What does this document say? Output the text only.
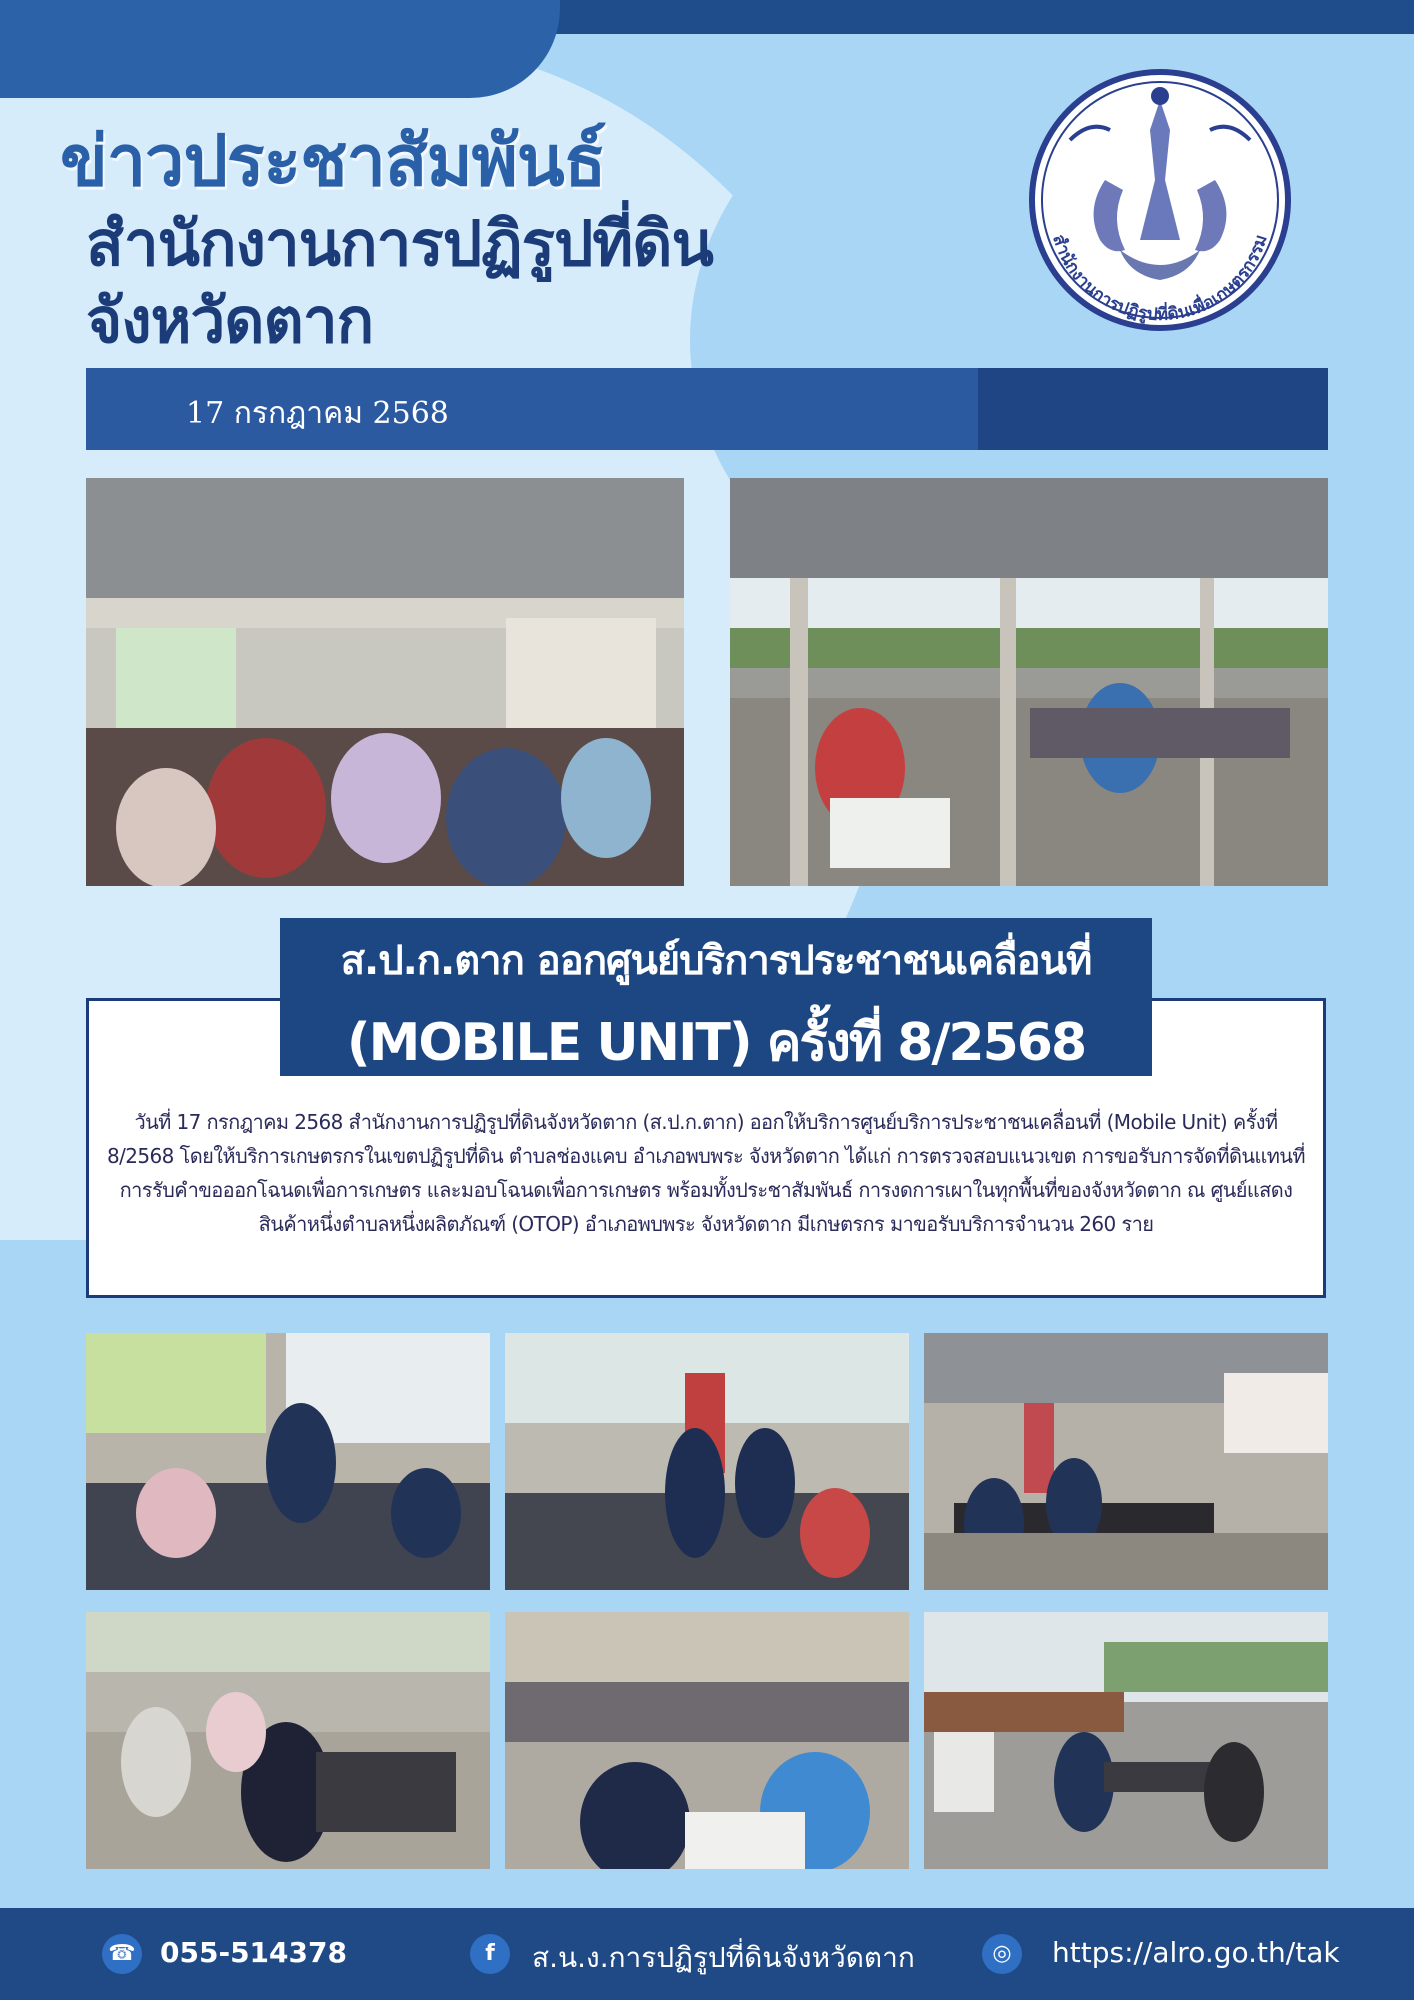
ข่าวประชาสัมพันธ์
สำนักงานการปฏิรูปที่ดิน
จังหวัดตาก
สำนักงานการปฏิรูปที่ดินเพื่อเกษตรกรรม
17 กรกฎาคม 2568
ส.ป.ก.ตาก ออกศูนย์บริการประชาชนเคลื่อนที่
(MOBILE UNIT) ครั้งที่ 8/2568
วันที่ 17 กรกฎาคม 2568 สำนักงานการปฏิรูปที่ดินจังหวัดตาก (ส.ป.ก.ตาก) ออกให้บริการศูนย์บริการประชาชนเคลื่อนที่ (Mobile Unit) ครั้งที่ 8/2568 โดยให้บริการเกษตรกรในเขตปฏิรูปที่ดิน ตำบลช่องแคบ อำเภอพบพระ จังหวัดตาก ได้แก่ การตรวจสอบแนวเขต การขอรับการจัดที่ดินแทนที่ การรับคำขอออกโฉนดเพื่อการเกษตร และมอบโฉนดเพื่อการเกษตร พร้อมทั้งประชาสัมพันธ์ การงดการเผาในทุกพื้นที่ของจังหวัดตาก ณ ศูนย์แสดงสินค้าหนึ่งตำบลหนึ่งผลิตภัณฑ์ (OTOP) อำเภอพบพระ จังหวัดตาก มีเกษตรกร มาขอรับบริการจำนวน 260 ราย
☎ 055-514378	f	ส.น.ง.การปฏิรูปที่ดินจังหวัดตาก	◎	https://alro.go.th/tak
